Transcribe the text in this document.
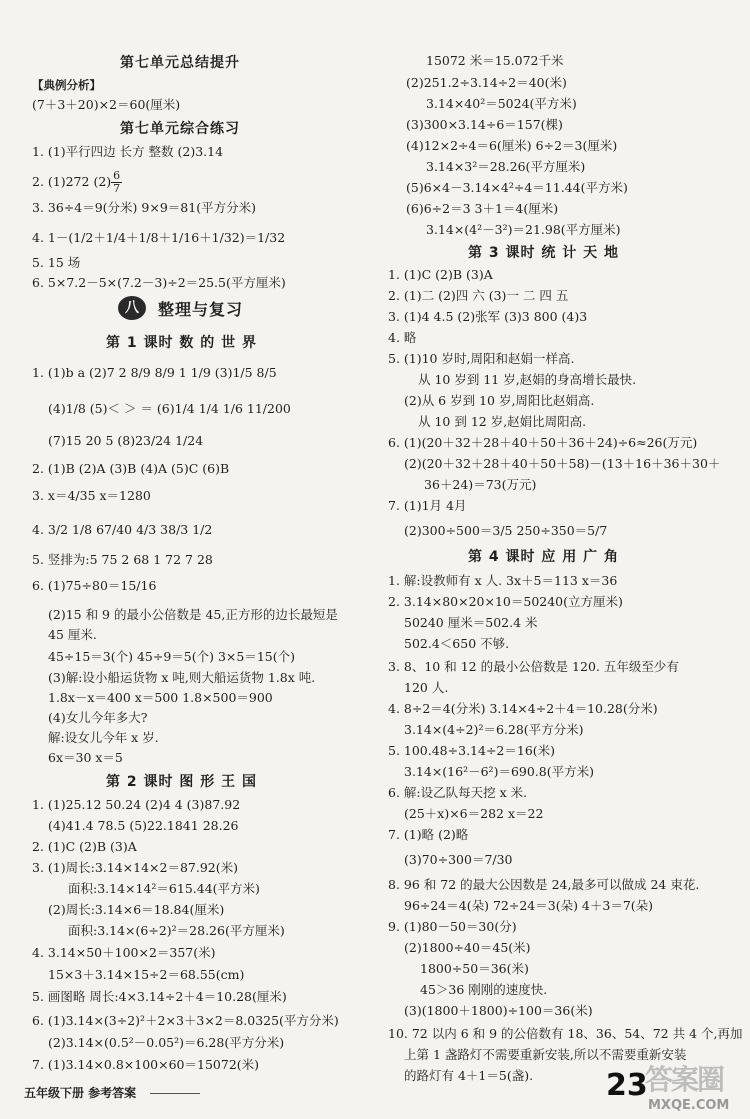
第七单元总结提升
【典例分析】
(7＋3＋20)×2＝60(厘米)
第七单元综合练习
1. (1)平行四边 长方 整数 (2)3.14
2. (1)272 $(2) \frac{6}{7}$
3. 36÷4＝9(分米) 9×9＝81(平方分米)
4. 1－(1/2＋1/4＋1/8＋1/16＋1/32)＝1/32
5. 15 场
6. 5×7.2－5×(7.2－3)÷2＝25.5(平方厘米)
八	整理与复习
第 1 课时 数 的 世 界
1. (1)b a (2)7 2 8/9 8/9 1 1/9 (3)1/5 8/5
(4)1/8 (5)＜ ＞ ＝ (6)1/4 1/4 1/6 11/200
(7)15 20 5 (8)23/24 1/24
2. (1)B (2)A (3)B (4)A (5)C (6)B
3. x＝4/35 x＝1280
4. 3/2 1/8 67/40 4/3 38/3 1/2
5. 竖排为:5 75 2 68 1 72 7 28
6. (1)75÷80＝15/16
(2)15 和 9 的最小公倍数是 45,正方形的边长最短是
45 厘米.
45÷15＝3(个) 45÷9＝5(个) 3×5＝15(个)
(3)解:设小船运货物 x 吨,则大船运货物 1.8x 吨.
1.8x－x＝400 x＝500 1.8×500＝900
(4)女儿今年多大?
解:设女儿今年 x 岁.
6x＝30 x＝5
第 2 课时 图 形 王 国
1. (1)25.12 50.24 (2)4 4 (3)87.92
(4)41.4 78.5 (5)22.1841 28.26
2. (1)C (2)B (3)A
3. (1)周长:3.14×14×2＝87.92(米)
面积:3.14×14²＝615.44(平方米)
(2)周长:3.14×6＝18.84(厘米)
面积:3.14×(6÷2)²＝28.26(平方厘米)
4. 3.14×50＋100×2＝357(米)
15×3＋3.14×15÷2＝68.55(cm)
5. 画图略 周长:4×3.14÷2＋4＝10.28(厘米)
6. (1)3.14×(3÷2)²＋2×3＋3×2＝8.0325(平方分米)
(2)3.14×(0.5²－0.05²)＝6.28(平方分米)
7. (1)3.14×0.8×100×60＝15072(米)
15072 米＝15.072千米
(2)251.2÷3.14÷2＝40(米)
3.14×40²＝5024(平方米)
(3)300×3.14÷6＝157(棵)
(4)12×2÷4＝6(厘米) 6÷2＝3(厘米)
3.14×3²＝28.26(平方厘米)
(5)6×4－3.14×4²÷4＝11.44(平方米)
(6)6÷2＝3 3＋1＝4(厘米)
3.14×(4²－3²)＝21.98(平方厘米)
第 3 课时 统 计 天 地
1. (1)C (2)B (3)A
2. (1)二 (2)四 六 (3)一 二 四 五
3. (1)4 4.5 (2)张军 (3)3 800 (4)3
4. 略
5. (1)10 岁时,周阳和赵娟一样高.
从 10 岁到 11 岁,赵娟的身高增长最快.
(2)从 6 岁到 10 岁,周阳比赵娟高.
从 10 到 12 岁,赵娟比周阳高.
6. (1)(20＋32＋28＋40＋50＋36＋24)÷6≈26(万元)
(2)(20＋32＋28＋40＋50＋58)－(13＋16＋36＋30＋
36＋24)＝73(万元)
7. (1)1月 4月
(2)300÷500＝3/5 250÷350＝5/7
第 4 课时 应 用 广 角
1. 解:设教师有 x 人. 3x＋5＝113 x＝36
2. 3.14×80×20×10＝50240(立方厘米)
50240 厘米＝502.4 米
502.4＜650 不够.
3. 8、10 和 12 的最小公倍数是 120. 五年级至少有
120 人.
4. 8÷2＝4(分米) 3.14×4÷2＋4＝10.28(分米)
3.14×(4÷2)²＝6.28(平方分米)
5. 100.48÷3.14÷2＝16(米)
3.14×(16²－6²)＝690.8(平方米)
6. 解:设乙队每天挖 x 米.
(25＋x)×6＝282 x＝22
7. (1)略 (2)略
(3)70÷300＝7/30
8. 96 和 72 的最大公因数是 24,最多可以做成 24 束花.
96÷24＝4(朵) 72÷24＝3(朵) 4＋3＝7(朵)
9. (1)80－50＝30(分)
(2)1800÷40＝45(米)
1800÷50＝36(米)
45＞36 刚刚的速度快.
(3)(1800＋1800)÷100＝36(米)
10. 72 以内 6 和 9 的公倍数有 18、36、54、72 共 4 个,再加
上第 1 盏路灯不需要重新安装,所以不需要重新安装
的路灯有 4＋1＝5(盏).
五年级下册 参考答案	23
答案圈
MXQE.COM
